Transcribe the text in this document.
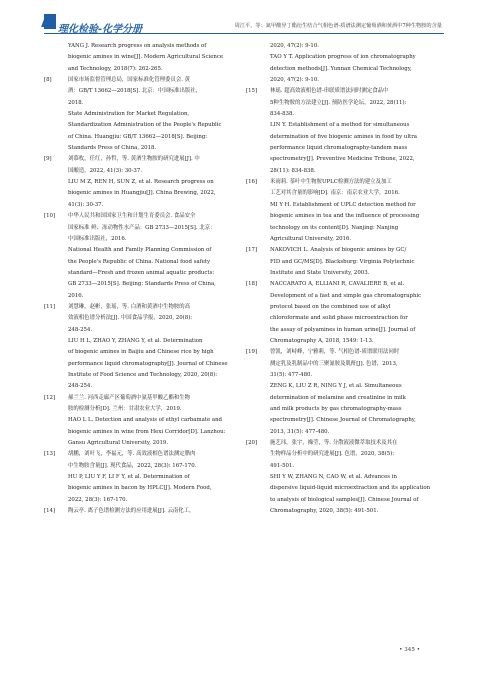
A 理化检验-化学分册	周江平，等：氮甲酸异丁酯衍生结合气相色谱-质谱法测定葡萄酒和黄酒中7种生物胺的含量
YANG J. Research progress on analysis methods of
biogenic amines in wine[J]. Modern Agricultural Science
and Technology, 2018(7): 262-265.
[8]	国家市场监督管理总局，国家标准化管理委员会. 黄
酒：GB/T 13662—2018[S]. 北京：中国标准出版社，
2018.
State Administration for Market Regulation,
Standardization Administration of the People's Republic
of China. Huangjiu: GB/T 13662—2018[S]. Beijing:
Standards Press of China, 2018.
[9]	刘慕枚，任红，孙哲，等. 黄酒生物胺的研究进展[J]. 中
国酿造，2022, 41(3): 30-37.
LIU M Z, REN H, SUN Z, et al. Research progress on
biogenic amines in Huangjiu[J]. China Brewing, 2022,
41(3): 30-37.
[10] 中华人民共和国国家卫生和计划生育委员会. 食品安全
国家标准 鲜、冻动物性水产品：GB 2733—2015[S]. 北京：
中国标准出版社，2016.
National Health and Family Planning Commission of
the People's Republic of China. National food safety
standard—Fresh and frozen animal aquatic products:
GB 2733—2015[S]. Beijing: Standards Press of China,
2016.
[11] 刘慧琳，赵彬，张瑶，等. 白酒和黄酒中生物胺的高
效液相色谱分析法[J]. 中国食品学报，2020, 20(8):
248-254.
LIU H L, ZHAO Y, ZHANG Y, et al. Determination
of biogenic amines in Baijiu and Chinese rice by high
performance liquid chromatography[J]. Journal of Chinese
Institute of Food Science and Technology, 2020, 20(8):
248-254.
[12] 郝兰兰. 河西走廊产区葡萄酒中氨基甲酸乙酯和生物
胺的检测分析[D]. 兰州：甘肃农业大学，2019.
HAO L L. Detection and analysis of ethyl carbamate and
biogenic amines in wine from Hexi Corridor[D]. Lanzhou:
Gansu Agricultural University, 2019.
[13] 胡鹏，刘叶飞，李福元，等. 高效液相色谱法测定腊肉
中生物胺含量[J]. 现代食品，2022, 28(3): 167-170.
HU P, LIU Y F, LI F Y, et al. Determination of
biogenic amines in bacon by HPLC[J]. Modern Food,
2022, 28(3): 167-170.
[14] 陶云亭. 离子色谱检测方法的应用进展[J]. 云南化工，
2020, 47(2): 9-10.
TAO Y T. Application progress of ion chromatography
detection methods[J]. Yunnan Chemical Technology,
2020, 47(2): 9-10.
[15] 林瑶. 超高效液相色谱-串联质谱法同时测定食品中
5种生物胺的方法建立[J]. 预防医学论坛，2022, 28(11):
834-838.
LIN Y. Establishment of a method for simultaneous
determination of five biogenic amines in food by ultra
performance liquid chromatography-tandem mass
spectrometry[J]. Preventive Medicine Tribune, 2022,
28(11): 834-838.
[16] 米雨莉. 茶叶中生物胺UPLC检测方法的建立及加工
工艺对其含量的影响[D]. 南京：南京农业大学，2016.
MI Y H. Establishment of UPLC detection method for
biogenic amines in tea and the influence of processing
technology on its content[D]. Nanjing: Nanjing
Agricultural University, 2016.
[17] NAKOVICH L. Analysis of biogenic amines by GC/
FID and GC/MS[D]. Blacksburg: Virginia Polytechnic
Institute and State University, 2003.
[18] NACCARATO A, ELLIANI R, CAVALIERE B, et al.
Development of a fast and simple gas chromatographic
protocol based on the combined use of alkyl
chloroformate and solid phase microextraction for
the assay of polyamines in human urine[J]. Journal of
Chromatography A, 2018, 1549: 1-13.
[19] 曾凯，刘峙峰，宁雅莉，等. 气相色谱-质谱联用法同时
测定乳及乳制品中的三聚氰胺及肌酐[J]. 色谱，2013,
31(5): 477-480.
ZENG K, LIU Z R, NING Y J, et al. Simultaneous
determination of melamine and creatinine in milk
and milk products by gas chromatography-mass
spectrometry[J]. Chinese Journal of Chromatography,
2013, 31(5): 477-480.
[20] 施艺玮，张宇，操莹，等. 分散液液微萃取技术及其在
生物样品分析中的研究进展[J]. 色谱，2020, 38(5):
491-501.
SHI Y W, ZHANG N, CAO W, et al. Advances in
dispersive liquid-liquid microextraction and its application
to analysis of biological samples[J]. Chinese Journal of
Chromatography, 2020, 38(5): 491-501.
• 345 •
